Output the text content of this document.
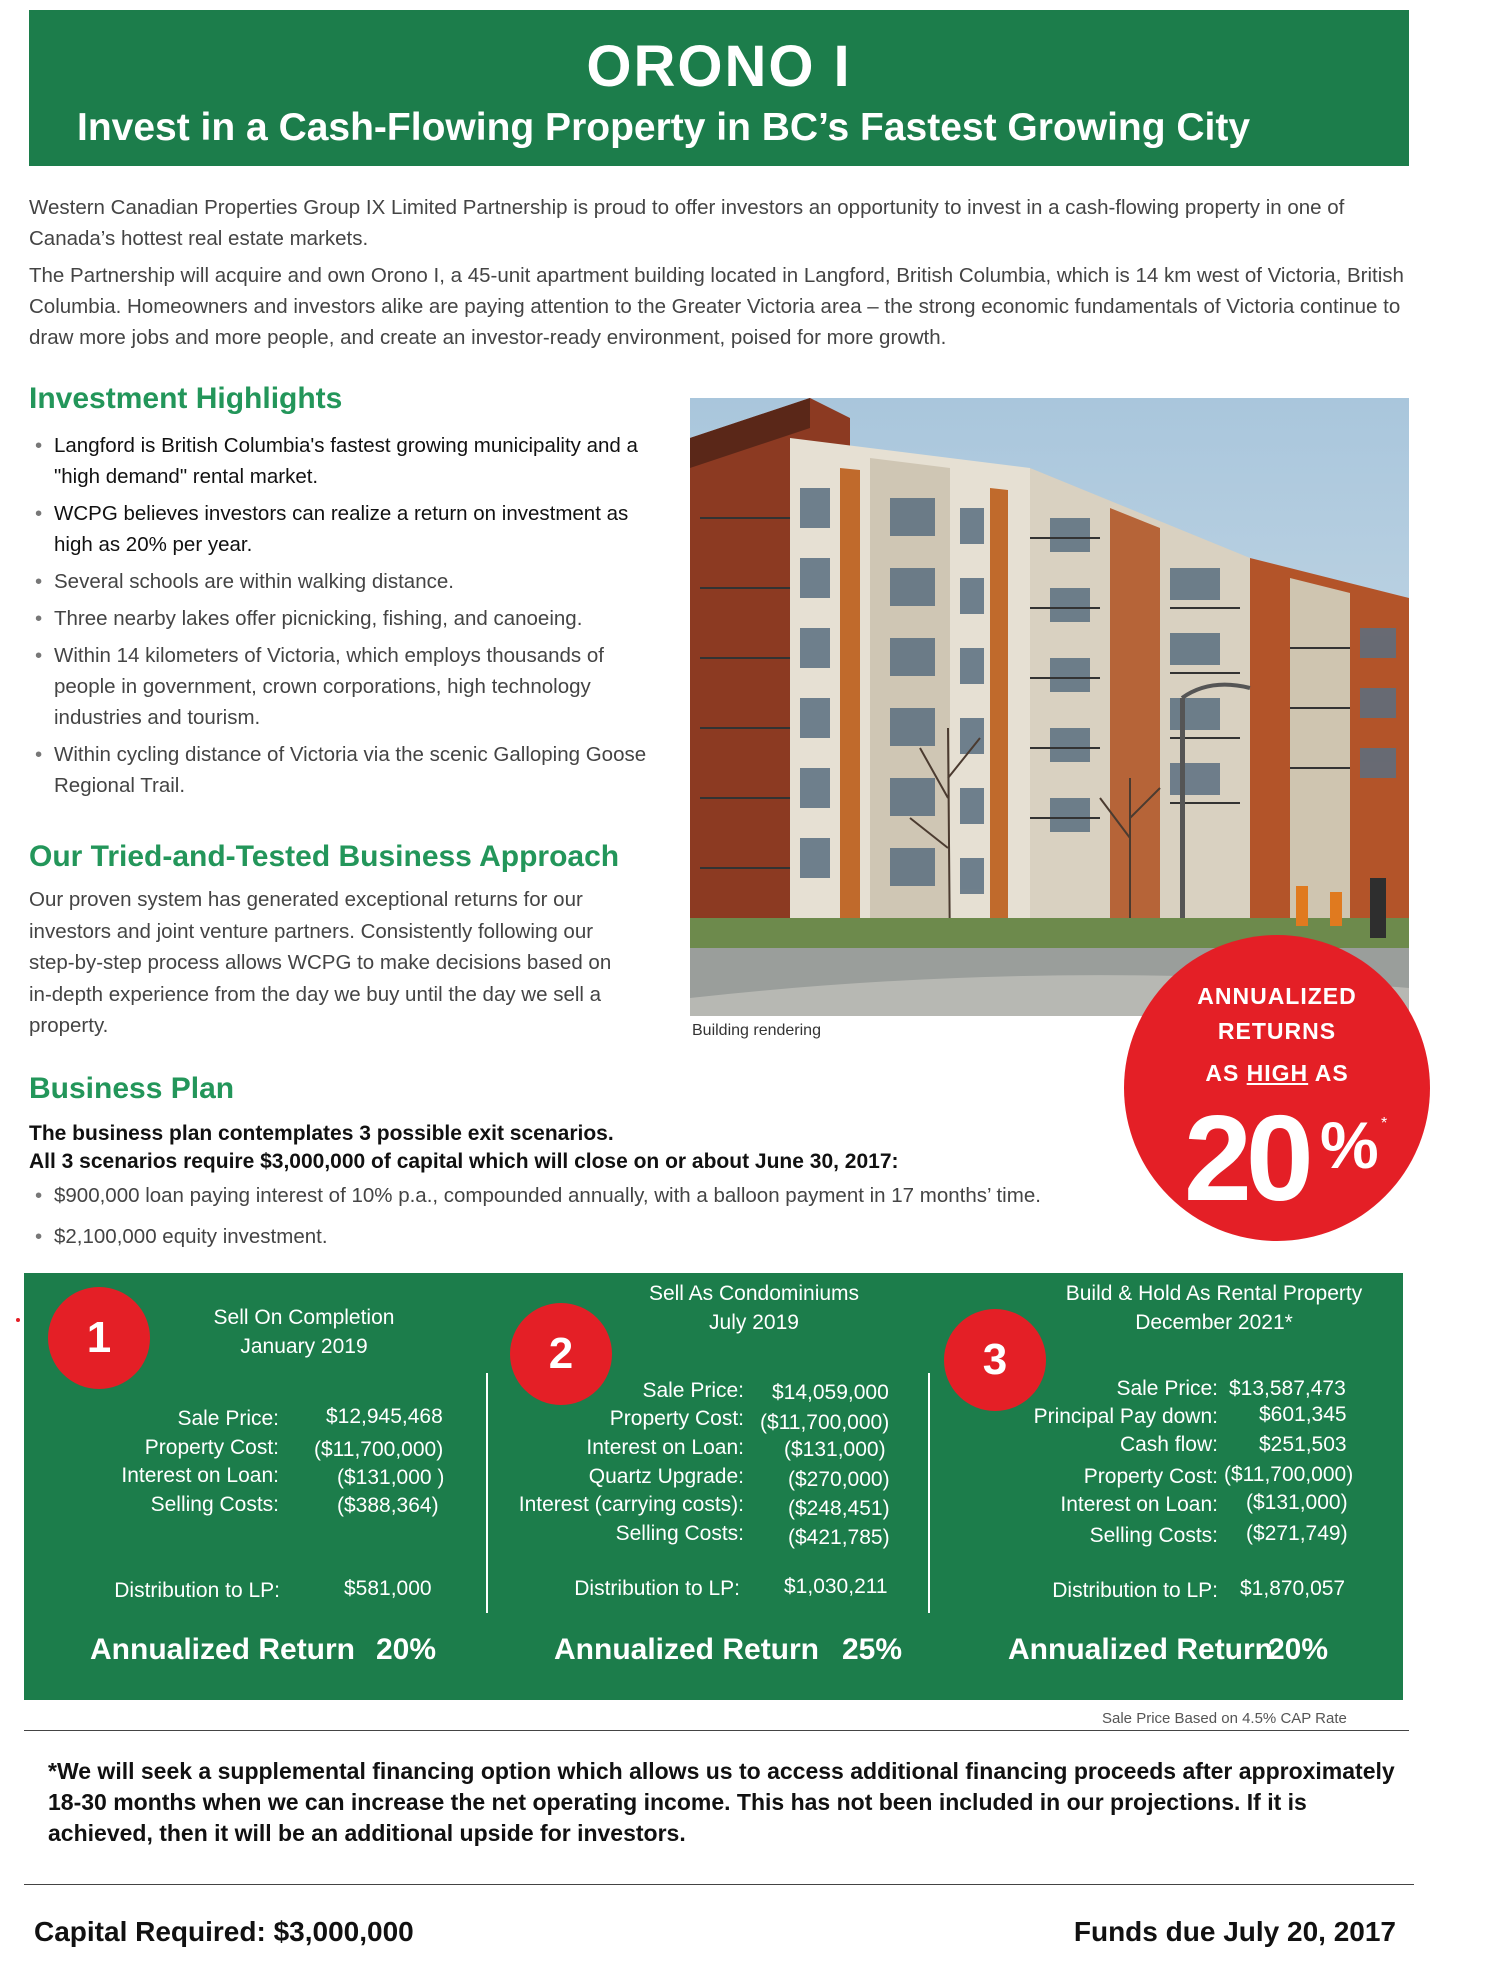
ORONO I
Invest in a Cash-Flowing Property in BC’s Fastest Growing City

Western Canadian Properties Group IX Limited Partnership is proud to offer investors an opportunity to invest in a cash-flowing property in one of Canada’s hottest real estate markets.

The Partnership will acquire and own Orono I, a 45-unit apartment building located in Langford, British Columbia, which is 14 km west of Victoria, British Columbia. Homeowners and investors alike are paying attention to the Greater Victoria area – the strong economic fundamentals of Victoria continue to draw more jobs and more people, and create an investor-ready environment, poised for more growth.

Investment Highlights
• Langford is British Columbia's fastest growing municipality and a "high demand" rental market.
• WCPG believes investors can realize a return on investment as high as 20% per year.
• Several schools are within walking distance.
• Three nearby lakes offer picnicking, fishing, and canoeing.
• Within 14 kilometers of Victoria, which employs thousands of people in government, crown corporations, high technology industries and tourism.
• Within cycling distance of Victoria via the scenic Galloping Goose Regional Trail.
Our Tried-and-Tested Business Approach

Our proven system has generated exceptional returns for our investors and joint venture partners. Consistently following our step-by-step process allows WCPG to make decisions based on in-depth experience from the day we buy until the day we sell a property.	Building rendering
ANNUALIZED
RETURNS
AS HIGH AS
20 % *
Business Plan
The business plan contemplates 3 possible exit scenarios.
All 3 scenarios require $3,000,000 of capital which will close on or about June 30, 2017:
• $900,000 loan paying interest of 10% p.a., compounded annually, with a balloon payment in 17 months’ time.
• $2,100,000 equity investment.
1	Sell On Completion
January 2019
Sale Price: $12,945,468
Property Cost: ($11,700,000)
Interest on Loan:	($131,000 )
Selling Costs:	($388,364)
Distribution to LP:	$581,000
Annualized Return 20%
2
Sell As Condominiums
July 2019
Sale Price: $14,059,000
Property Cost: ($11,700,000)
Interest on Loan: ($131,000)
Quartz Upgrade: ($270,000)
Interest (carrying costs): ($248,451)
Selling Costs: ($421,785)
Distribution to LP: $1,030,211
Annualized Return 25%
3
Build & Hold As Rental Property
December 2021*
Sale Price: $13,587,473
Principal Pay down: $601,345
Cash flow: $251,503
Property Cost: ($11,700,000)
Interest on Loan: ($131,000)
Selling Costs: ($271,749)
Distribution to LP: $1,870,057
Annualized Return
20%
Sale Price Based on 4.5% CAP Rate

*We will seek a supplemental financing option which allows us to access additional financing proceeds after approximately 18-30 months when we can increase the net operating income. This has not been included in our projections. If it is achieved, then it will be an additional upside for investors.

Capital Required: $3,000,000	Funds due July 20, 2017
